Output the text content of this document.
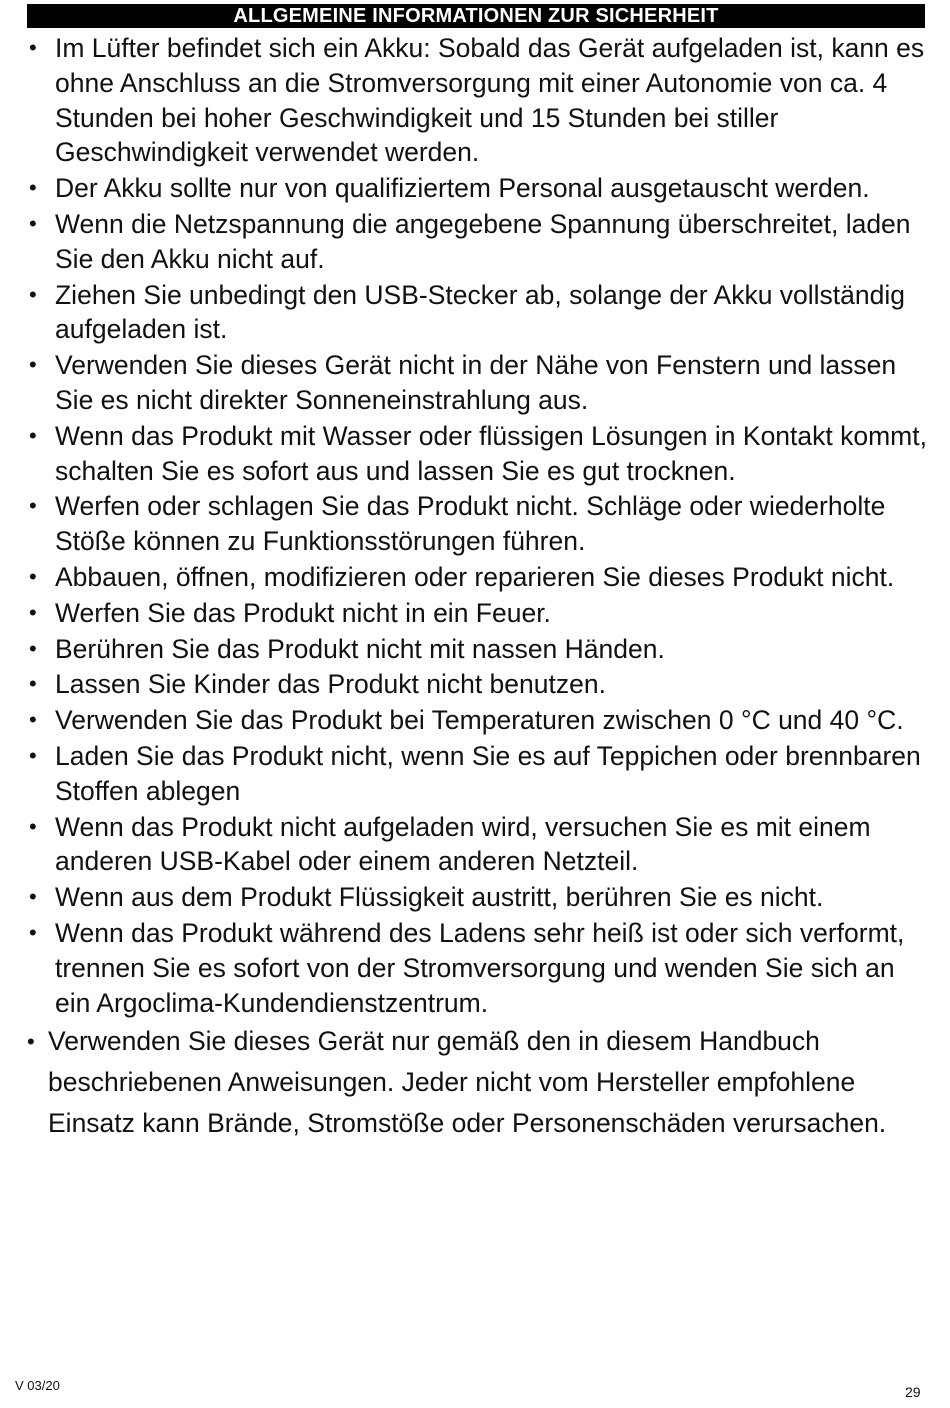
ALLGEMEINE INFORMATIONEN ZUR SICHERHEIT
• Im Lüfter befindet sich ein Akku: Sobald das Gerät aufgeladen ist, kann es ohne Anschluss an die Stromversorgung mit einer Autonomie von ca. 4 Stunden bei hoher Geschwindigkeit und 15 Stunden bei stiller Geschwindigkeit verwendet werden.
• Der Akku sollte nur von qualifiziertem Personal ausgetauscht werden.
• Wenn die Netzspannung die angegebene Spannung überschreitet, laden Sie den Akku nicht auf.
• Ziehen Sie unbedingt den USB-Stecker ab, solange der Akku vollständig aufgeladen ist.
• Verwenden Sie dieses Gerät nicht in der Nähe von Fenstern und lassen Sie es nicht direkter Sonneneinstrahlung aus.
• Wenn das Produkt mit Wasser oder flüssigen Lösungen in Kontakt kommt, schalten Sie es sofort aus und lassen Sie es gut trocknen.
• Werfen oder schlagen Sie das Produkt nicht. Schläge oder wiederholte Stöße können zu Funktionsstörungen führen.
• Abbauen, öffnen, modifizieren oder reparieren Sie dieses Produkt nicht.
• Werfen Sie das Produkt nicht in ein Feuer.
• Berühren Sie das Produkt nicht mit nassen Händen.
• Lassen Sie Kinder das Produkt nicht benutzen.
• Verwenden Sie das Produkt bei Temperaturen zwischen 0 °C und 40 °C.
• Laden Sie das Produkt nicht, wenn Sie es auf Teppichen oder brennbaren Stoffen ablegen
• Wenn das Produkt nicht aufgeladen wird, versuchen Sie es mit einem anderen USB-Kabel oder einem anderen Netzteil.
• Wenn aus dem Produkt Flüssigkeit austritt, berühren Sie es nicht.
• Wenn das Produkt während des Ladens sehr heiß ist oder sich verformt, trennen Sie es sofort von der Stromversorgung und wenden Sie sich an ein Argoclima-Kundendienstzentrum.
• Verwenden Sie dieses Gerät nur gemäß den in diesem Handbuch beschriebenen Anweisungen. Jeder nicht vom Hersteller empfohlene Einsatz kann Brände, Stromstöße oder Personenschäden verursachen.
V 03/20	29
